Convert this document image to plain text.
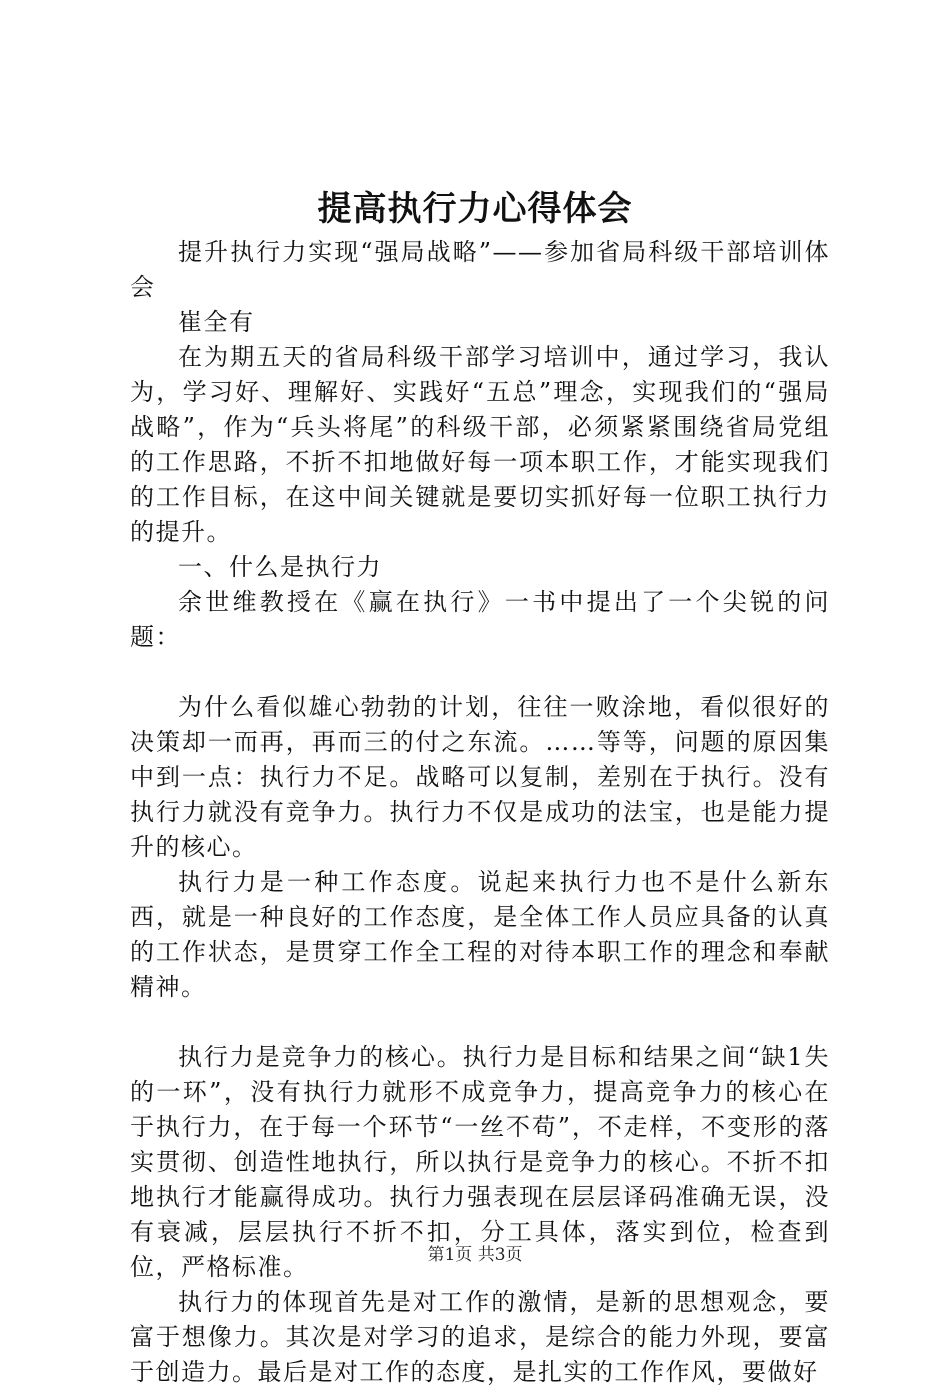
提高执行力心得体会

提升执行力实现“强局战略”——参加省局科级干部培训体会

崔全有

在为期五天的省局科级干部学习培训中，通过学习，我认为，学习好、理解好、实践好“五总”理念，实现我们的“强局战略”，作为“兵头将尾”的科级干部，必须紧紧围绕省局党组的工作思路，不折不扣地做好每一项本职工作，才能实现我们的工作目标，在这中间关键就是要切实抓好每一位职工执行力的提升。

一、什么是执行力

余世维教授在《赢在执行》一书中提出了一个尖锐的问题：

为什么看似雄心勃勃的计划，往往一败涂地，看似很好的决策却一而再，再而三的付之东流。……等等，问题的原因集中到一点：执行力不足。战略可以复制，差别在于执行。没有执行力就没有竞争力。执行力不仅是成功的法宝，也是能力提升的核心。

执行力是一种工作态度。说起来执行力也不是什么新东西，就是一种良好的工作态度，是全体工作人员应具备的认真的工作状态，是贯穿工作全工程的对待本职工作的理念和奉献精神。

执行力是竞争力的核心。执行力是目标和结果之间“缺1失的一环”，没有执行力就形不成竞争力，提高竞争力的核心在于执行力，在于每一个环节“一丝不苟”，不走样，不变形的落实贯彻、创造性地执行，所以执行是竞争力的核心。不折不扣地执行才能赢得成功。执行力强表现在层层译码准确无误，没有衰减，层层执行不折不扣，分工具体，落实到位，检查到位，严格标准。

执行力的体现首先是对工作的激情，是新的思想观念，要富于想像力。其次是对学习的追求，是综合的能力外现，要富于创造力。最后是对工作的态度，是扎实的工作作风，要做好

第1页 共3页
